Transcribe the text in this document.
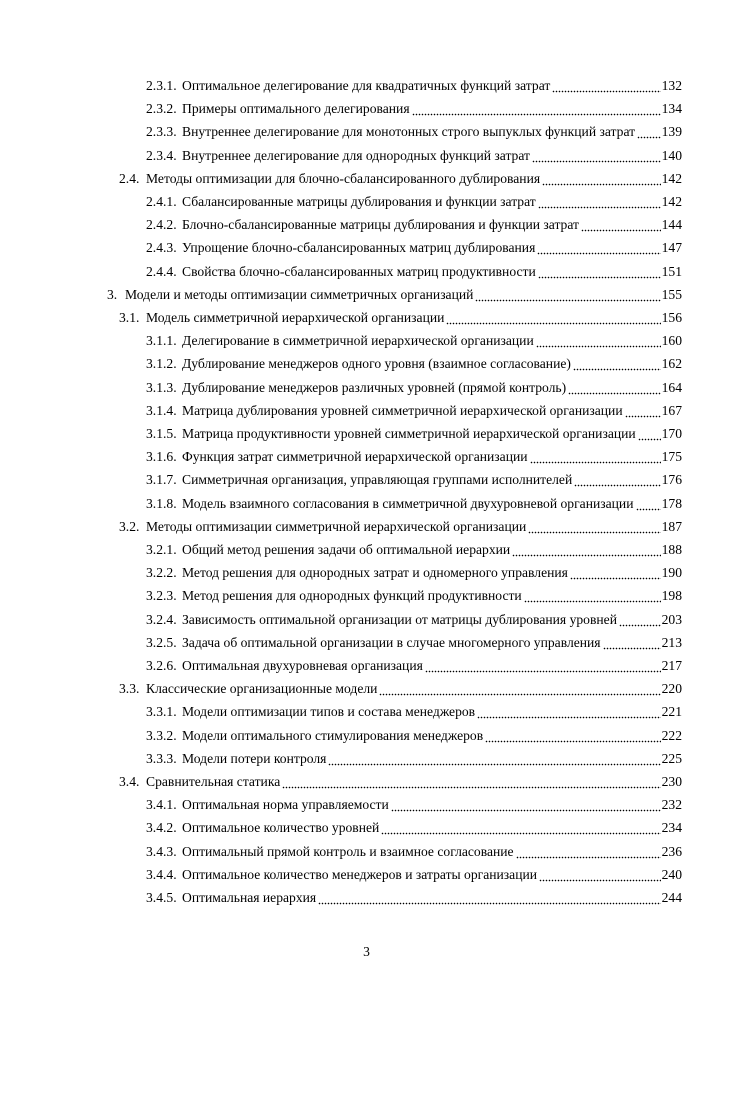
2.3.1. Оптимальное делегирование для квадратичных функций затрат	132
2.3.2. Примеры оптимального делегирования	134
2.3.3. Внутреннее делегирование для монотонных строго выпуклых функций затрат 139
2.3.4. Внутреннее делегирование для однородных функций затрат	140
2.4. Методы оптимизации для блочно-сбалансированного дублирования	142
2.4.1. Сбалансированные матрицы дублирования и функции затрат	142
2.4.2. Блочно-сбалансированные матрицы дублирования и функции затрат	144
2.4.3. Упрощение блочно-сбалансированных матриц дублирования	147
2.4.4. Свойства блочно-сбалансированных матриц продуктивности	151
3. Модели и методы оптимизации симметричных организаций	155
3.1. Модель симметричной иерархической организации	156
3.1.1. Делегирование в симметричной иерархической организации	160
3.1.2. Дублирование менеджеров одного уровня (взаимное согласование)	162
3.1.3. Дублирование менеджеров различных уровней (прямой контроль)	164
3.1.4. Матрица дублирования уровней симметричной иерархической организации	167
3.1.5. Матрица продуктивности уровней симметричной иерархической организации 170
3.1.6. Функция затрат симметричной иерархической организации	175
3.1.7. Симметричная организация, управляющая группами исполнителей	176
3.1.8. Модель взаимного согласования в симметричной двухуровневой организации 178
3.2. Методы оптимизации симметричной иерархической организации	187
3.2.1. Общий метод решения задачи об оптимальной иерархии	188
3.2.2. Метод решения для однородных затрат и одномерного управления	190
3.2.3. Метод решения для однородных функций продуктивности	198
3.2.4. Зависимость оптимальной организации от матрицы дублирования уровней	203
3.2.5. Задача об оптимальной организации в случае многомерного управления	213
3.2.6. Оптимальная двухуровневая организация	217
3.3. Классические организационные модели	220
3.3.1. Модели оптимизации типов и состава менеджеров	221
3.3.2. Модели оптимального стимулирования менеджеров	222
3.3.3. Модели потери контроля	225
3.4. Сравнительная статика	230
3.4.1. Оптимальная норма управляемости	232
3.4.2. Оптимальное количество уровней	234
3.4.3. Оптимальный прямой контроль и взаимное согласование	236
3.4.4. Оптимальное количество менеджеров и затраты организации	240
3.4.5. Оптимальная иерархия	244
3
